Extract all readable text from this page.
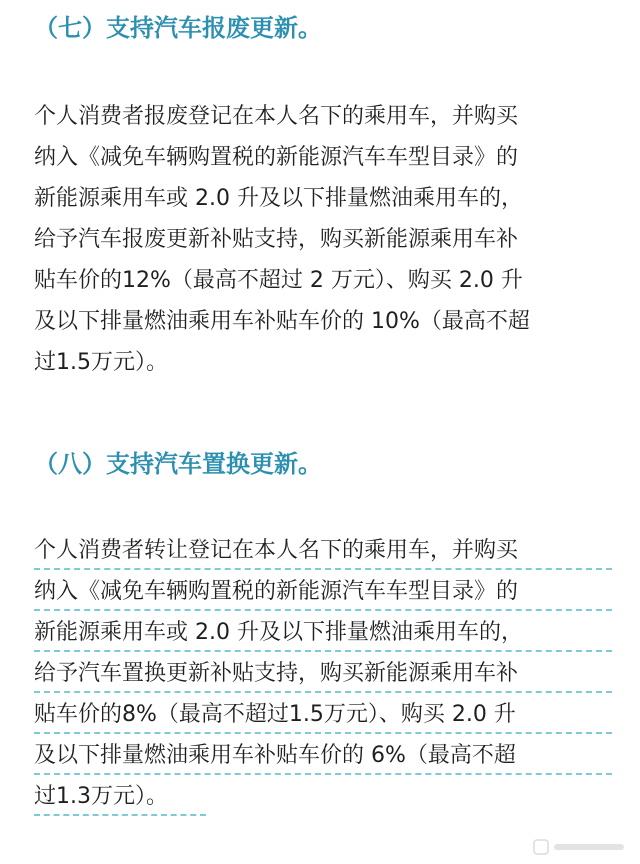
（七）支持汽车报废更新。
个人消费者报废登记在本人名下的乘用车，并购买
纳入《减免车辆购置税的新能源汽车车型目录》的
新能源乘用车或 2.0 升及以下排量燃油乘用车的，
给予汽车报废更新补贴支持，购买新能源乘用车补
贴车价的12%（最高不超过 2 万元）、购买 2.0 升
及以下排量燃油乘用车补贴车价的 10%（最高不超
过1.5万元）。
（八）支持汽车置换更新。
个人消费者转让登记在本人名下的乘用车，并购买
纳入《减免车辆购置税的新能源汽车车型目录》的
新能源乘用车或 2.0 升及以下排量燃油乘用车的，
给予汽车置换更新补贴支持，购买新能源乘用车补
贴车价的8%（最高不超过1.5万元）、购买 2.0 升
及以下排量燃油乘用车补贴车价的 6%（最高不超
过1.3万元）。
